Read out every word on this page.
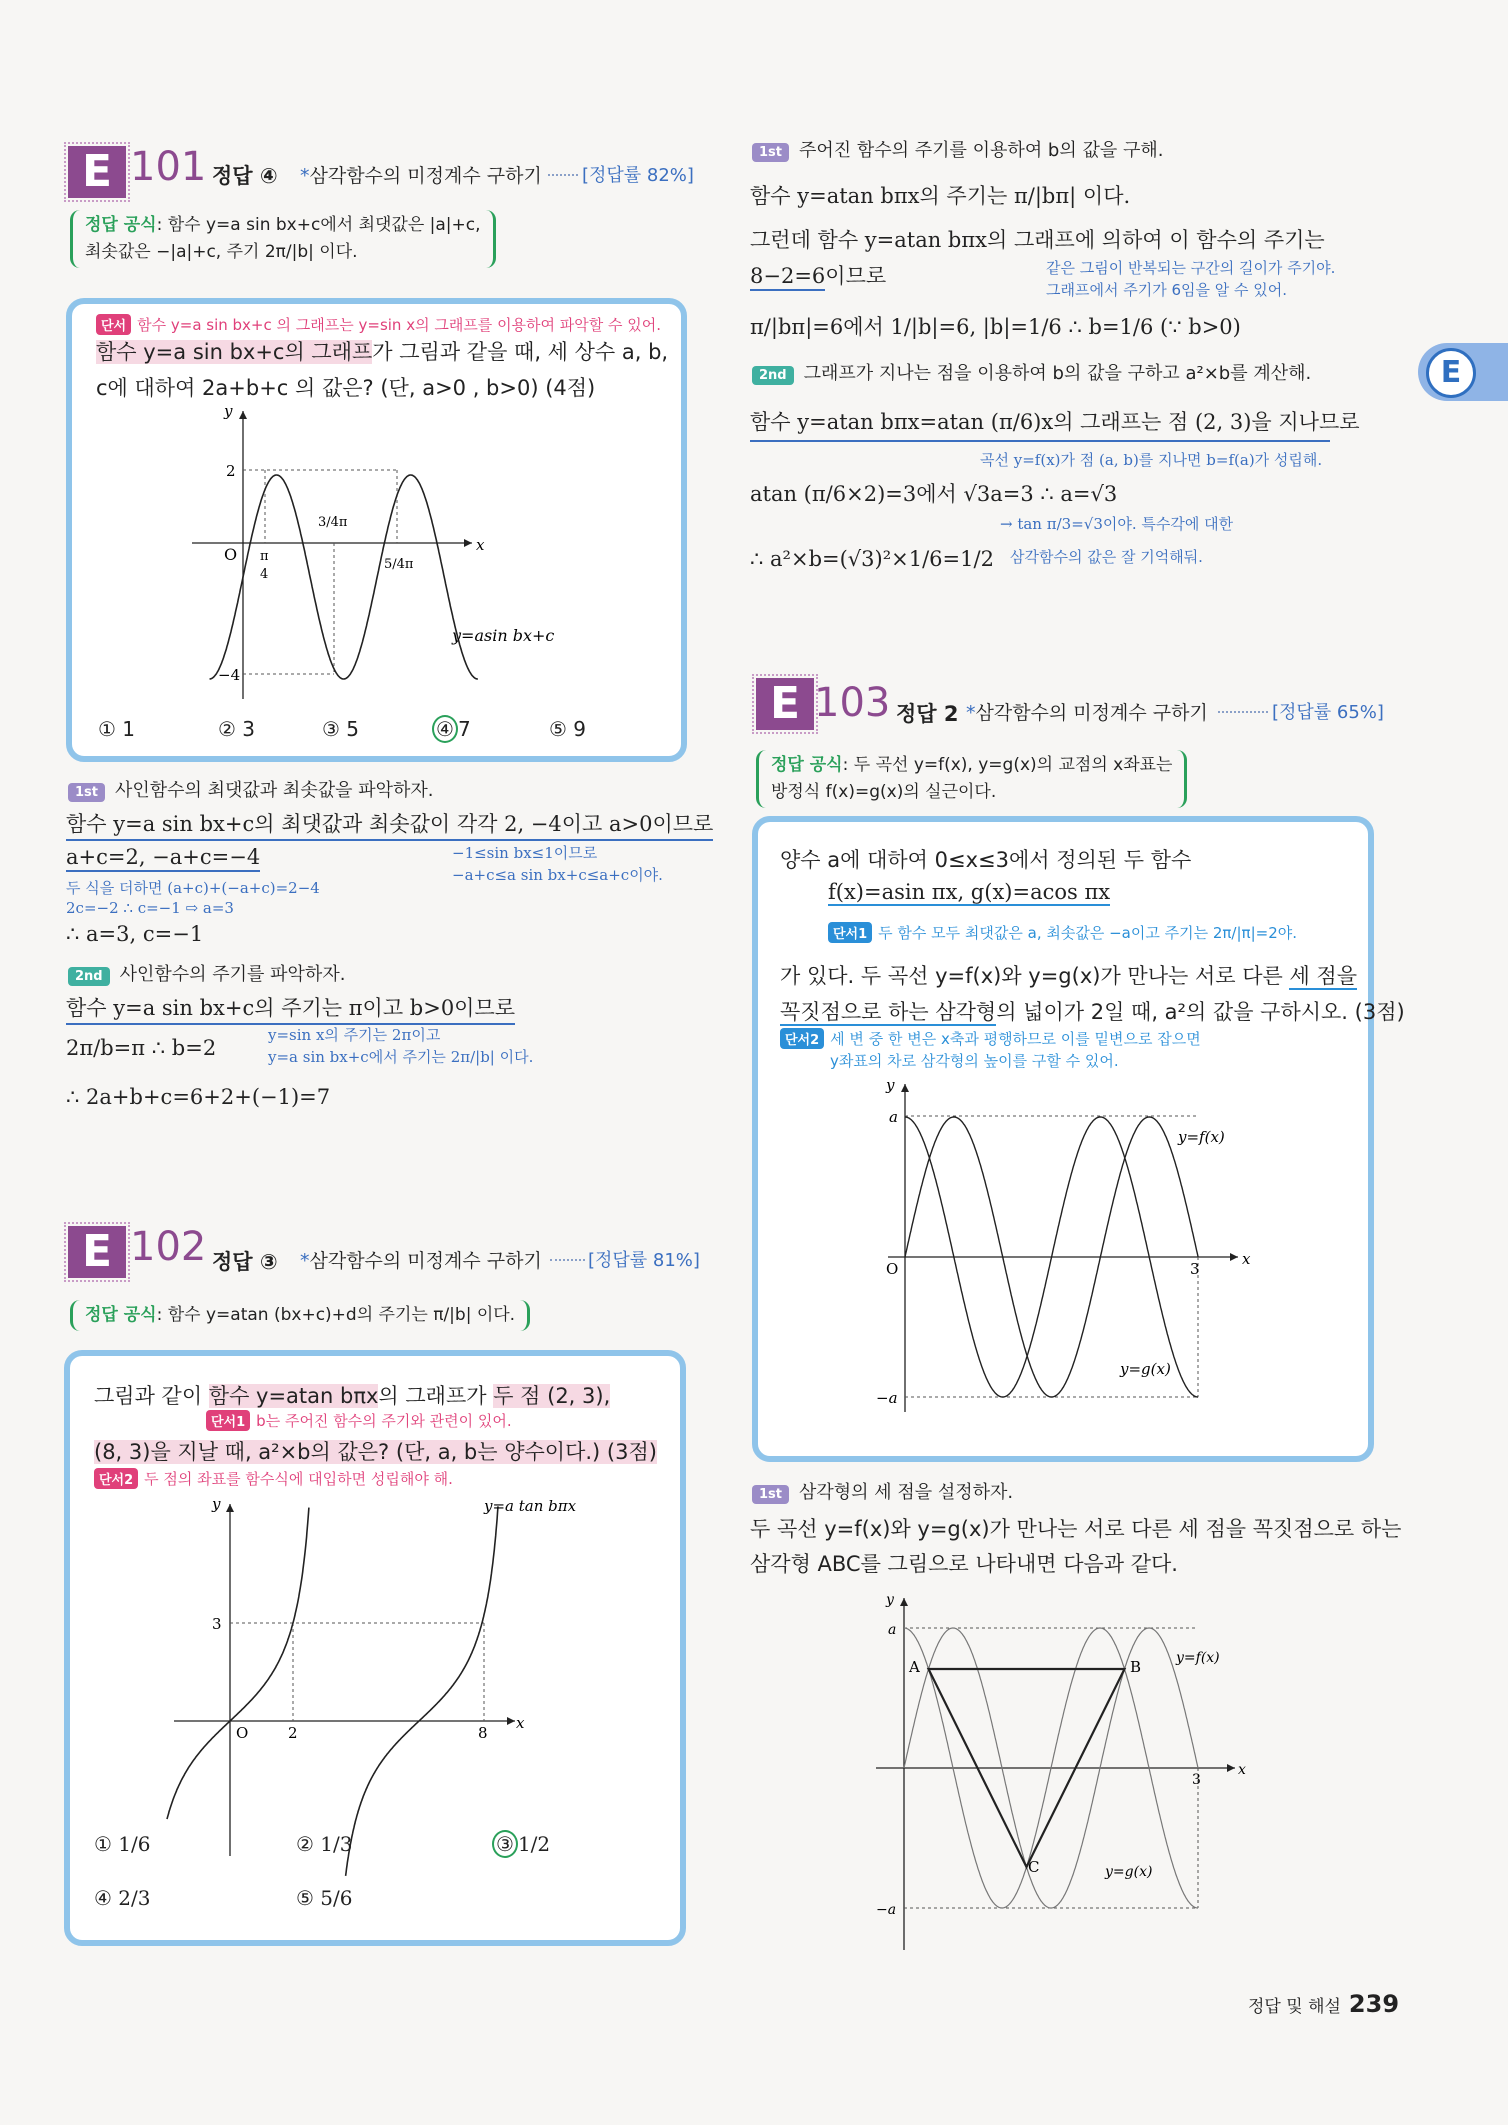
E
E 101 정답 ④ *삼각함수의 미정계수 구하기 [정답률 82%]
정답 공식: 함수 y=a sin bx+c에서 최댓값은 |a|+c,
최솟값은 −|a|+c, 주기 2π/|b| 이다.
단서 함수 y=a sin bx+c 의 그래프는 y=sin x의 그래프를 이용하여 파악할 수 있어.
함수 y=a sin bx+c의 그래프가 그림과 같을 때, 세 상수 a, b,
c에 대하여 2a+b+c 의 값은? (단, a>0 , b>0) (4점)
y
x
O
2
−4
π
4
3/4π
5/4π
y=asin bx+c
① 1	② 3	③ 5	④ 7	⑤ 9
1st 사인함수의 최댓값과 최솟값을 파악하자.
함수 y=a sin bx+c의 최댓값과 최솟값이 각각 2, −4이고 a>0이므로
a+c=2, −a+c=−4	−1≤sin bx≤1이므로
−a+c≤a sin bx+c≤a+c이야.
두 식을 더하면 (a+c)+(−a+c)=2−4
2c=−2 ∴ c=−1 ⇨ a=3
∴ a=3, c=−1
2nd 사인함수의 주기를 파악하자.
함수 y=a sin bx+c의 주기는 π이고 b>0이므로
2π/b=π ∴ b=2
y=sin x의 주기는 2π이고
y=a sin bx+c에서 주기는 2π/|b| 이다.
∴ 2a+b+c=6+2+(−1)=7
E 102 정답 ③ *삼각함수의 미정계수 구하기	[정답률 81%]
정답 공식: 함수 y=atan (bx+c)+d의 주기는 π/|b| 이다.
그림과 같이 함수 y=atan bπx의 그래프가 두 점 (2, 3),
단서1 b는 주어진 함수의 주기와 관련이 있어.
(8, 3)을 지날 때, a²×b의 값은? (단, a, b는 양수이다.) (3점)
단서2 두 점의 좌표를 함수식에 대입하면 성립해야 해.
y
x
O
3
2	8
y=a tan bπx
① 1/6	② 1/3	③ 1/2
④ 2/3	⑤ 5/6
1st 주어진 함수의 주기를 이용하여 b의 값을 구해.
함수 y=atan bπx의 주기는 π/|bπ| 이다.
그런데 함수 y=atan bπx의 그래프에 의하여 이 함수의 주기는
8−2=6이므로	같은 그림이 반복되는 구간의 길이가 주기야.
그래프에서 주기가 6임을 알 수 있어.
π/|bπ|=6에서 1/|b|=6, |b|=1/6 ∴ b=1/6 (∵ b>0)
2nd 그래프가 지나는 점을 이용하여 b의 값을 구하고 a²×b를 계산해.
함수 y=atan bπx=atan (π/6)x의 그래프는 점 (2, 3)을 지나므로
곡선 y=f(x)가 점 (a, b)를 지나면 b=f(a)가 성립해.
atan (π/6×2)=3에서 √3a=3 ∴ a=√3
→ tan π/3=√3이야. 특수각에 대한
∴ a²×b=(√3)²×1/6=1/2 삼각함수의 값은 잘 기억해둬.
E 103 정답 2 *삼각함수의 미정계수 구하기	[정답률 65%]
정답 공식: 두 곡선 y=f(x), y=g(x)의 교점의 x좌표는
방정식 f(x)=g(x)의 실근이다.
양수 a에 대하여 0≤x≤3에서 정의된 두 함수
f(x)=asin πx, g(x)=acos πx
단서1 두 함수 모두 최댓값은 a, 최솟값은 −a이고 주기는 2π/|π|=2야.
가 있다. 두 곡선 y=f(x)와 y=g(x)가 만나는 서로 다른 세 점을
꼭짓점으로 하는 삼각형의 넓이가 2일 때, a²의 값을 구하시오. (3점)
단서2 세 변 중 한 변은 x축과 평행하므로 이를 밑변으로 잡으면
y좌표의 차로 삼각형의 높이를 구할 수 있어.
y
x
O
a
−a
3
y=f(x)
y=g(x)
1st 삼각형의 세 점을 설정하자.
두 곡선 y=f(x)와 y=g(x)가 만나는 서로 다른 세 점을 꼭짓점으로 하는
삼각형 ABC를 그림으로 나타내면 다음과 같다.
y
x
a
−a
3
A	B
C
y=f(x)
y=g(x)
정답 및 해설 239
